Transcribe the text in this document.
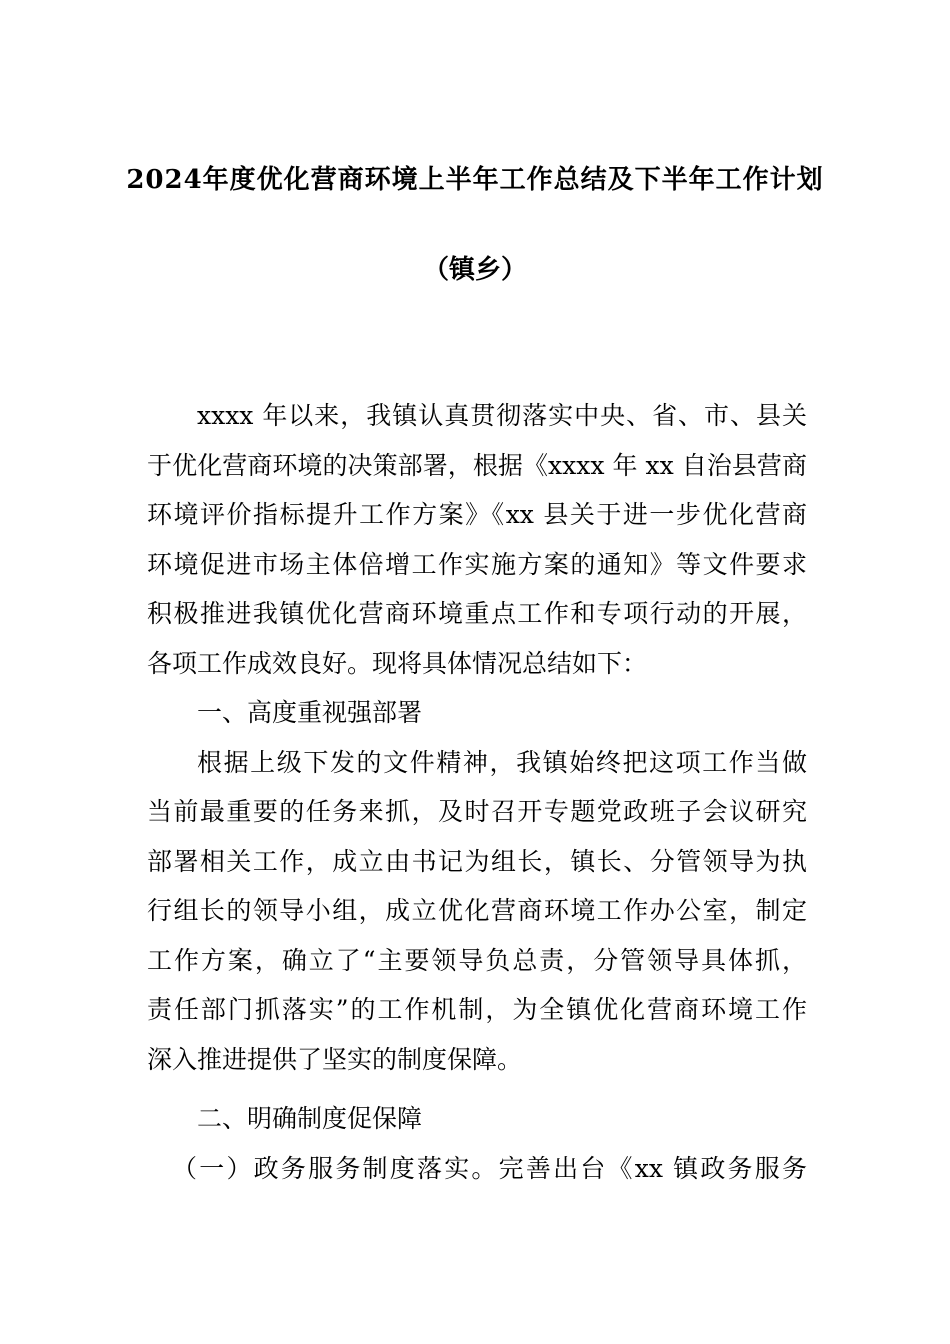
2024年度优化营商环境上半年工作总结及下半年工作计划
（镇乡）
xxxx 年以来，我镇认真贯彻落实中央、省、市、县关
于优化营商环境的决策部署，根据《xxxx 年 xx 自治县营商
环境评价指标提升工作方案》《xx 县关于进一步优化营商
环境促进市场主体倍增工作实施方案的通知》等文件要求
积极推进我镇优化营商环境重点工作和专项行动的开展，
各项工作成效良好。现将具体情况总结如下：
一、高度重视强部署
根据上级下发的文件精神，我镇始终把这项工作当做
当前最重要的任务来抓，及时召开专题党政班子会议研究
部署相关工作，成立由书记为组长，镇长、分管领导为执
行组长的领导小组，成立优化营商环境工作办公室，制定
工作方案，确立了“主要领导负总责，分管领导具体抓，
责任部门抓落实”的工作机制，为全镇优化营商环境工作
深入推进提供了坚实的制度保障。
二、明确制度促保障
（一）政务服务制度落实。完善出台《xx 镇政务服务
